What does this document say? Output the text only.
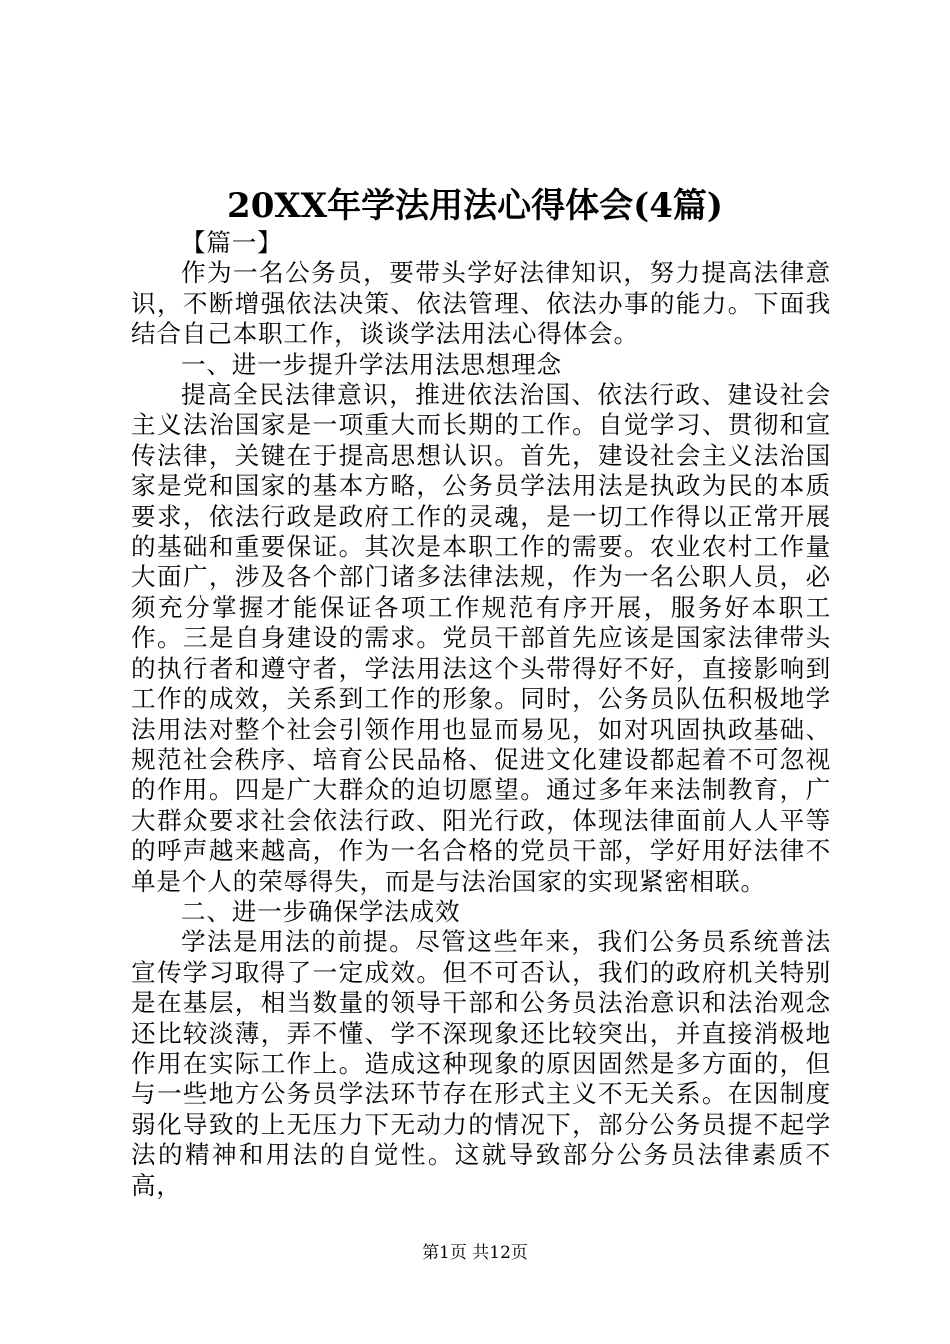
20XX年学法用法心得体会(4篇)

【篇一】

作为一名公务员，要带头学好法律知识，努力提高法律意识，不断增强依法决策、依法管理、依法办事的能力。下面我结合自己本职工作，谈谈学法用法心得体会。

一、进一步提升学法用法思想理念

提高全民法律意识，推进依法治国、依法行政、建设社会主义法治国家是一项重大而长期的工作。自觉学习、贯彻和宣传法律，关键在于提高思想认识。首先，建设社会主义法治国家是党和国家的基本方略，公务员学法用法是执政为民的本质要求，依法行政是政府工作的灵魂，是一切工作得以正常开展的基础和重要保证。其次是本职工作的需要。农业农村工作量大面广，涉及各个部门诸多法律法规，作为一名公职人员，必须充分掌握才能保证各项工作规范有序开展，服务好本职工作。三是自身建设的需求。党员干部首先应该是国家法律带头的执行者和遵守者，学法用法这个头带得好不好，直接影响到工作的成效，关系到工作的形象。同时，公务员队伍积极地学法用法对整个社会引领作用也显而易见，如对巩固执政基础、规范社会秩序、培育公民品格、促进文化建设都起着不可忽视的作用。四是广大群众的迫切愿望。通过多年来法制教育，广大群众要求社会依法行政、阳光行政，体现法律面前人人平等的呼声越来越高，作为一名合格的党员干部，学好用好法律不单是个人的荣辱得失，而是与法治国家的实现紧密相联。

二、进一步确保学法成效

学法是用法的前提。尽管这些年来，我们公务员系统普法宣传学习取得了一定成效。但不可否认，我们的政府机关特别是在基层，相当数量的领导干部和公务员法治意识和法治观念还比较淡薄，弄不懂、学不深现象还比较突出，并直接消极地作用在实际工作上。造成这种现象的原因固然是多方面的，但与一些地方公务员学法环节存在形式主义不无关系。在因制度弱化导致的上无压力下无动力的情况下，部分公务员提不起学法的精神和用法的自觉性。这就导致部分公务员法律素质不高，

第1页 共12页
